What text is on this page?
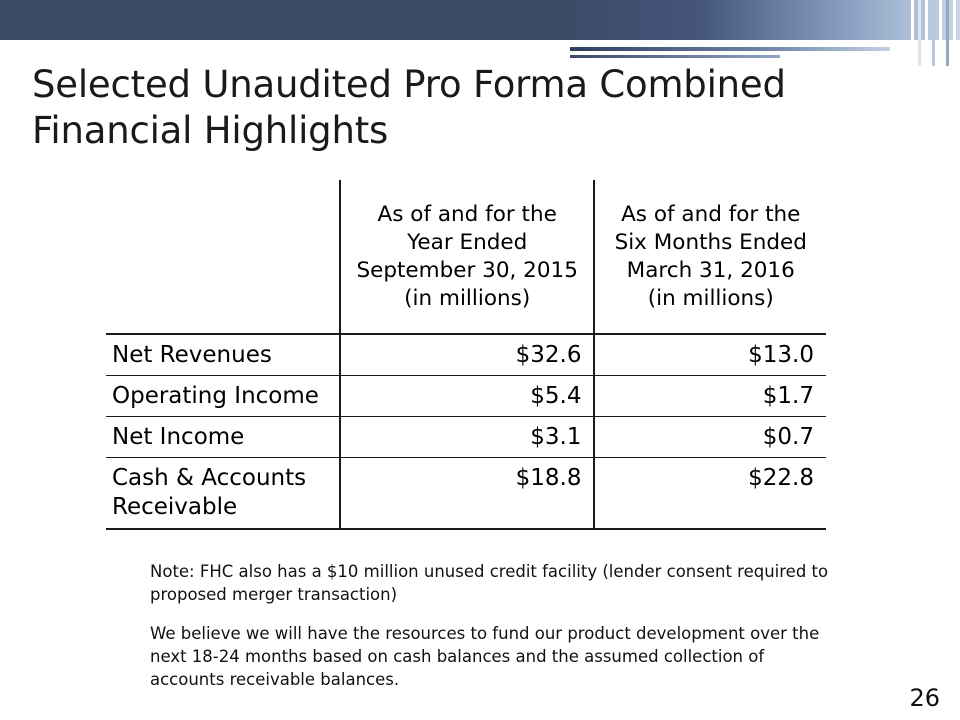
Selected Unaudited Pro Forma Combined Financial Highlights

As of and for the
Year Ended
September 30, 2015
(in millions)

As of and for the
Six Months Ended
March 31, 2016
(in millions)

Net Revenues	$32.6	$13.0
Operating Income	$5.4	$1.7
Net Income	$3.1	$0.7
Cash & Accounts Receivable	$18.8	$22.8

Note: FHC also has a $10 million unused credit facility (lender consent required to proposed merger transaction)

We believe we will have the resources to fund our product development over the next 18-24 months based on cash balances and the assumed collection of accounts receivable balances.

26
